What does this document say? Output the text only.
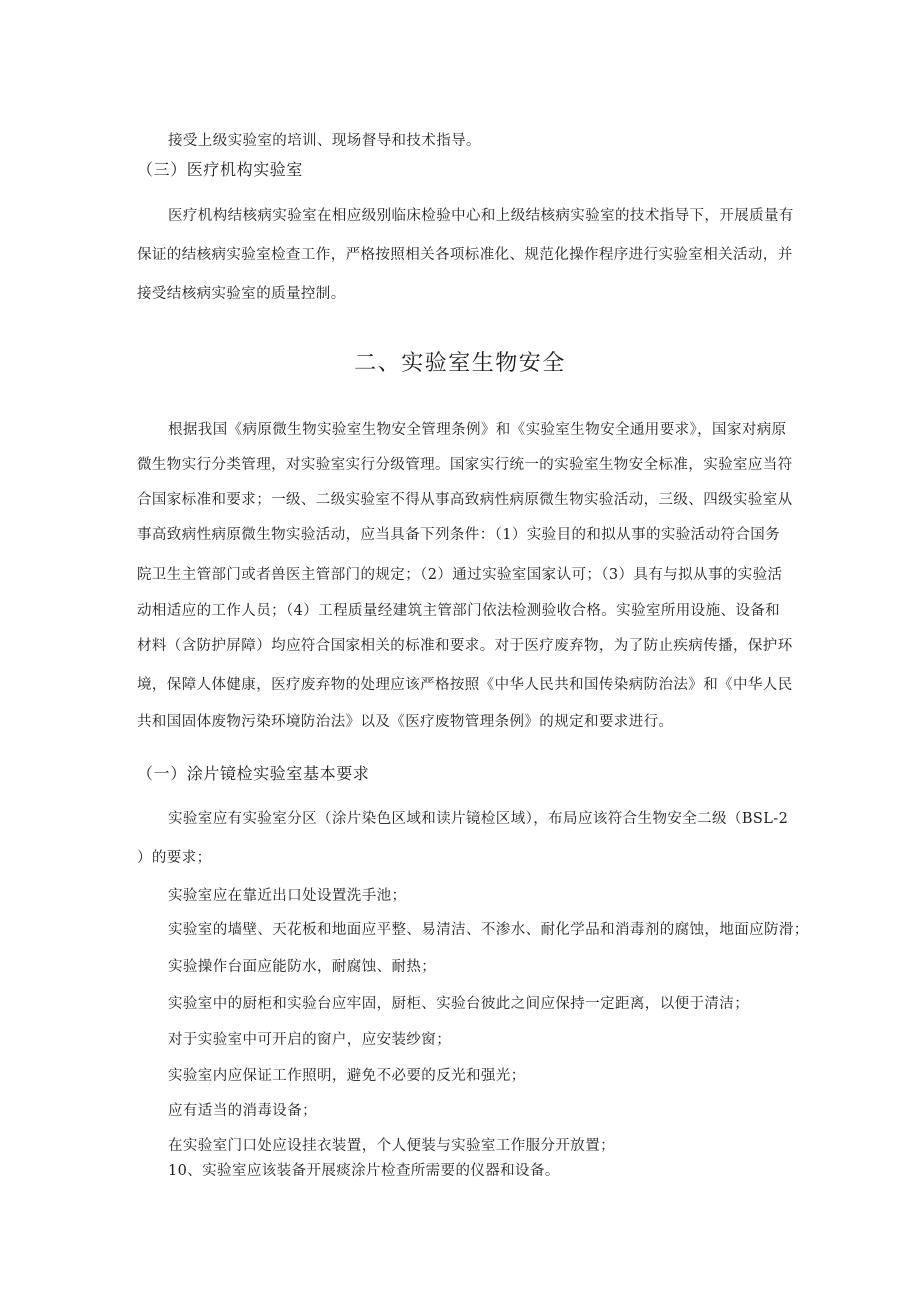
接受上级实验室的培训、现场督导和技术指导。
（三）医疗机构实验室
医疗机构结核病实验室在相应级别临床检验中心和上级结核病实验室的技术指导下，开展质量有
保证的结核病实验室检查工作，严格按照相关各项标准化、规范化操作程序进行实验室相关活动，并
接受结核病实验室的质量控制。
二、实验室生物安全
根据我国《病原微生物实验室生物安全管理条例》和《实验室生物安全通用要求》，国家对病原
微生物实行分类管理，对实验室实行分级管理。国家实行统一的实验室生物安全标准，实验室应当符
合国家标准和要求；一级、二级实验室不得从事高致病性病原微生物实验活动，三级、四级实验室从
事高致病性病原微生物实验活动，应当具备下列条件：（1）实验目的和拟从事的实验活动符合国务
院卫生主管部门或者兽医主管部门的规定；（2）通过实验室国家认可；（3）具有与拟从事的实验活
动相适应的工作人员；（4）工程质量经建筑主管部门依法检测验收合格。实验室所用设施、设备和
材料（含防护屏障）均应符合国家相关的标准和要求。对于医疗废弃物，为了防止疾病传播，保护环
境，保障人体健康，医疗废弃物的处理应该严格按照《中华人民共和国传染病防治法》和《中华人民
共和国固体废物污染环境防治法》以及《医疗废物管理条例》的规定和要求进行。
（一）涂片镜检实验室基本要求
实验室应有实验室分区（涂片染色区域和读片镜检区域），布局应该符合生物安全二级（BSL-2
）的要求；
实验室应在靠近出口处设置洗手池；
实验室的墙壁、天花板和地面应平整、易清洁、不渗水、耐化学品和消毒剂的腐蚀，地面应防滑；
实验操作台面应能防水，耐腐蚀、耐热；
实验室中的厨柜和实验台应牢固，厨柜、实验台彼此之间应保持一定距离，以便于清洁；
对于实验室中可开启的窗户，应安装纱窗；
实验室内应保证工作照明，避免不必要的反光和强光；
应有适当的消毒设备；
在实验室门口处应设挂衣装置，个人便装与实验室工作服分开放置；
10、实验室应该装备开展痰涂片检查所需要的仪器和设备。
